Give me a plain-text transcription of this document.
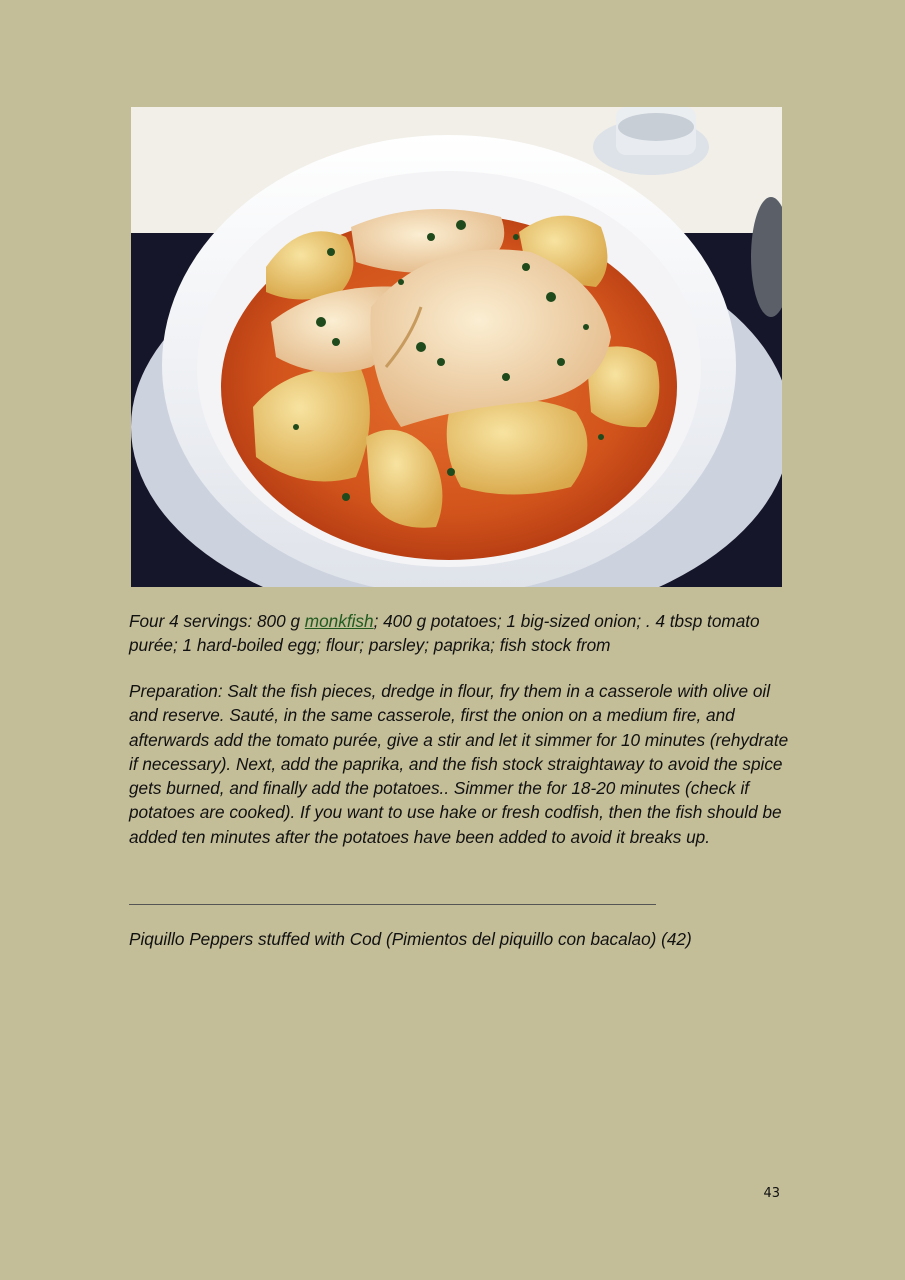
Four 4 servings: 800 g monkfish; 400 g potatoes; 1 big-sized onion; . 4 tbsp tomato purée; 1 hard-boiled egg; flour; parsley; paprika; fish stock from

Preparation: Salt the fish pieces, dredge in flour, fry them in a casserole with olive oil and reserve. Sauté, in the same casserole, first the onion on a medium fire, and afterwards add the tomato purée, give a stir and let it simmer for 10 minutes (rehydrate if necessary). Next, add the paprika, and the fish stock straightaway to avoid the spice gets burned, and finally add the potatoes.. Simmer the for 18-20 minutes (check if potatoes are cooked). If you want to use hake or fresh codfish, then the fish should be added ten minutes after the potatoes have been added to avoid it breaks up.

Piquillo Peppers stuffed with Cod (Pimientos del piquillo con bacalao) (42)
43
